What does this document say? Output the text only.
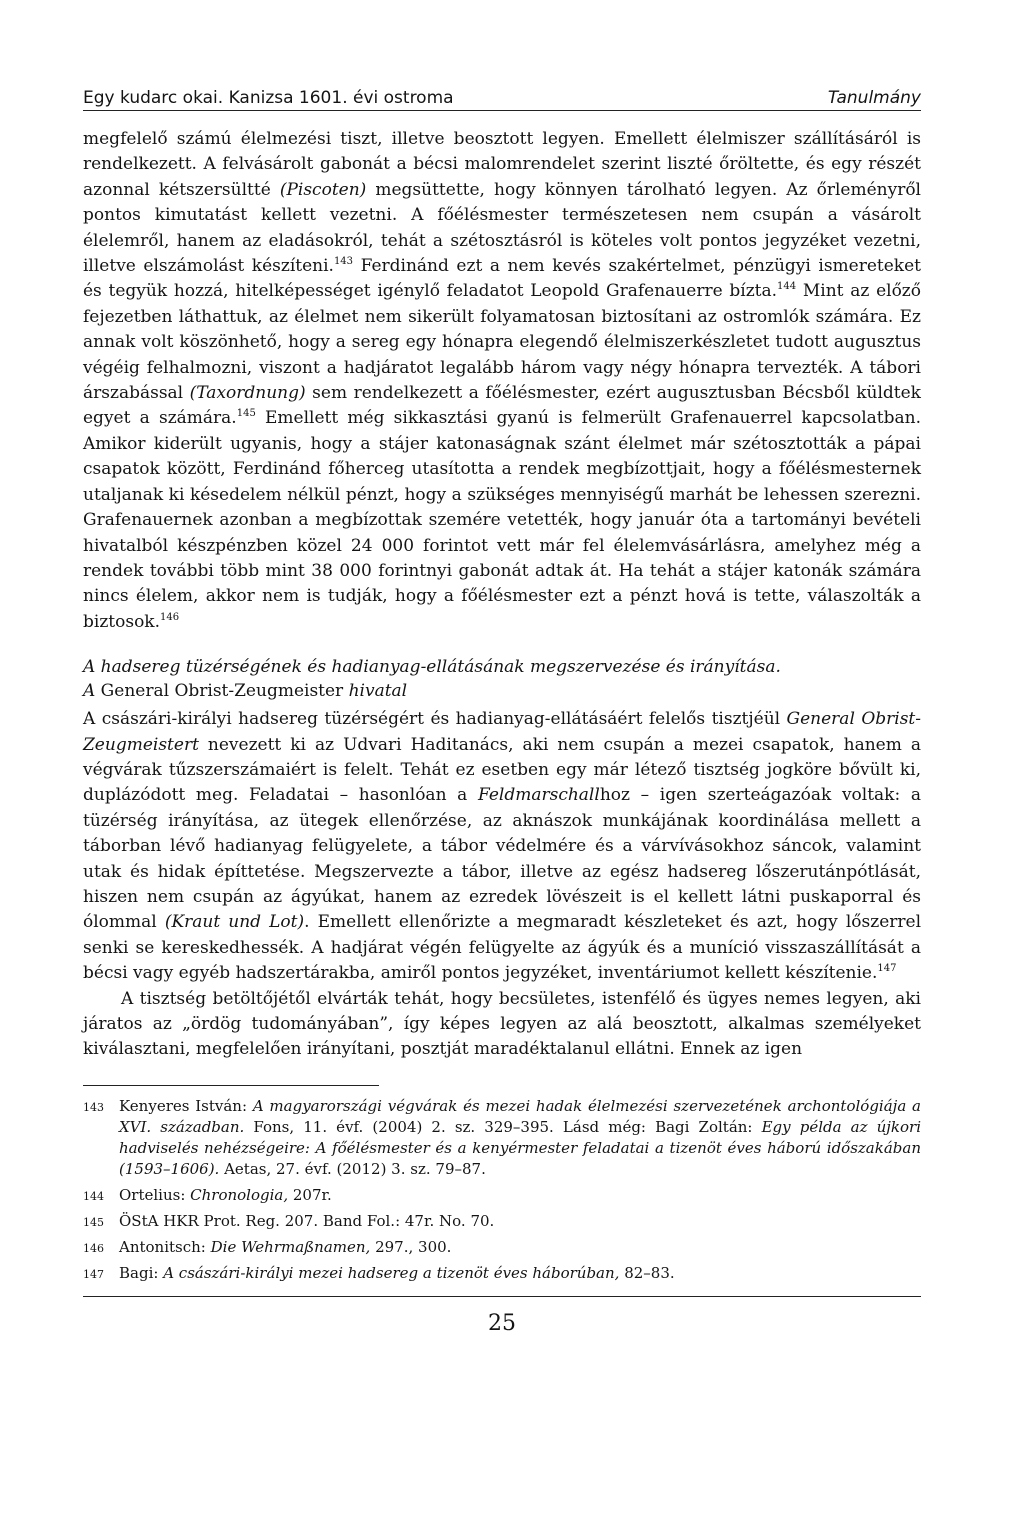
Egy kudarc okai. Kanizsa 1601. évi ostroma	Tanulmány

megfelelő számú élelmezési tiszt, illetve beosztott legyen. Emellett élelmiszer szállításáról is rendelkezett. A felvásárolt gabonát a bécsi malomrendelet szerint liszté őröltette, és egy részét azonnal kétszersültté (Piscoten) megsüttette, hogy könnyen tárolható legyen. Az őrleményről pontos kimutatást kellett vezetni. A főélésmester természetesen nem csupán a vásárolt élelemről, hanem az eladásokról, tehát a szétosztásról is köteles volt pontos jegyzéket vezetni, illetve elszámolást készíteni.$^{143}$ Ferdinánd ezt a nem kevés szakértelmet, pénzügyi ismereteket és tegyük hozzá, hitelképességet igénylő feladatot Leopold Grafenauerre bízta.$^{144}$ Mint az előző fejezetben láthattuk, az élelmet nem sikerült folyamatosan biztosítani az ostromlók számára. Ez annak volt köszönhető, hogy a sereg egy hónapra elegendő élelmiszerkészletet tudott augusztus végéig felhalmozni, viszont a hadjáratot legalább három vagy négy hónapra tervezték. A tábori árszabással (Taxordnung) sem rendelkezett a főélésmester, ezért augusztusban Bécsből küldtek egyet a számára.$^{145}$ Emellett még sikkasztási gyanú is felmerült Grafenauerrel kapcsolatban. Amikor kiderült ugyanis, hogy a stájer katonaságnak szánt élelmet már szétosztották a pápai csapatok között, Ferdinánd főherceg utasította a rendek megbízottjait, hogy a főélésmesternek utaljanak ki késedelem nélkül pénzt, hogy a szükséges mennyiségű marhát be lehessen szerezni. Grafenauernek azonban a megbízottak szemére vetették, hogy január óta a tartományi bevételi hivatalból készpénzben közel 24 000 forintot vett már fel élelemvásárlásra, amelyhez még a rendek további több mint 38 000 forintnyi gabonát adtak át. Ha tehát a stájer katonák számára nincs élelem, akkor nem is tudják, hogy a főélésmester ezt a pénzt hová is tette, válaszolták a biztosok.$^{146}$

A hadsereg tüzérségének és hadianyag-ellátásának megszervezése és irányítása.
A General Obrist-Zeugmeister hivatal

A császári-királyi hadsereg tüzérségért és hadianyag-ellátásáért felelős tisztjéül General Obrist-Zeugmeistert nevezett ki az Udvari Haditanács, aki nem csupán a mezei csapatok, hanem a végvárak tűzszerszámaiért is felelt. Tehát ez esetben egy már létező tisztség jogköre bővült ki, duplázódott meg. Feladatai – hasonlóan a Feldmarschallhoz – igen szerteágazóak voltak: a tüzérség irányítása, az ütegek ellenőrzése, az aknászok munkájának koordinálása mellett a táborban lévő hadianyag felügyelete, a tábor védelmére és a várvívásokhoz sáncok, valamint utak és hidak építtetése. Megszervezte a tábor, illetve az egész hadsereg lőszerutánpótlását, hiszen nem csupán az ágyúkat, hanem az ezredek lövészeit is el kellett látni puskaporral és ólommal (Kraut und Lot). Emellett ellenőrizte a megmaradt készleteket és azt, hogy lőszerrel senki se kereskedhessék. A hadjárat végén felügyelte az ágyúk és a muníció visszaszállítását a bécsi vagy egyéb hadszertárakba, amiről pontos jegyzéket, inventáriumot kellett készítenie.$^{147}$

A tisztség betöltőjétől elvárták tehát, hogy becsületes, istenfélő és ügyes nemes legyen, aki járatos az „ördög tudományában”, így képes legyen az alá beosztott, alkalmas személyeket kiválasztani, megfelelően irányítani, posztját maradéktalanul ellátni. Ennek az igen

143 Kenyeres István: A magyarországi végvárak és mezei hadak élelmezési szervezetének archontológiája a XVI. században. Fons, 11. évf. (2004) 2. sz. 329–395. Lásd még: Bagi Zoltán: Egy példa az újkori hadviselés nehézségeire: A főélésmester és a kenyérmester feladatai a tizenöt éves háború időszakában (1593–1606). Aetas, 27. évf. (2012) 3. sz. 79–87.
144 Ortelius: Chronologia, 207r.
145 ÖStA HKR Prot. Reg. 207. Band Fol.: 47r. No. 70.
146 Antonitsch: Die Wehrmaßnamen, 297., 300.
147 Bagi: A császári-királyi mezei hadsereg a tizenöt éves háborúban, 82–83.
25
